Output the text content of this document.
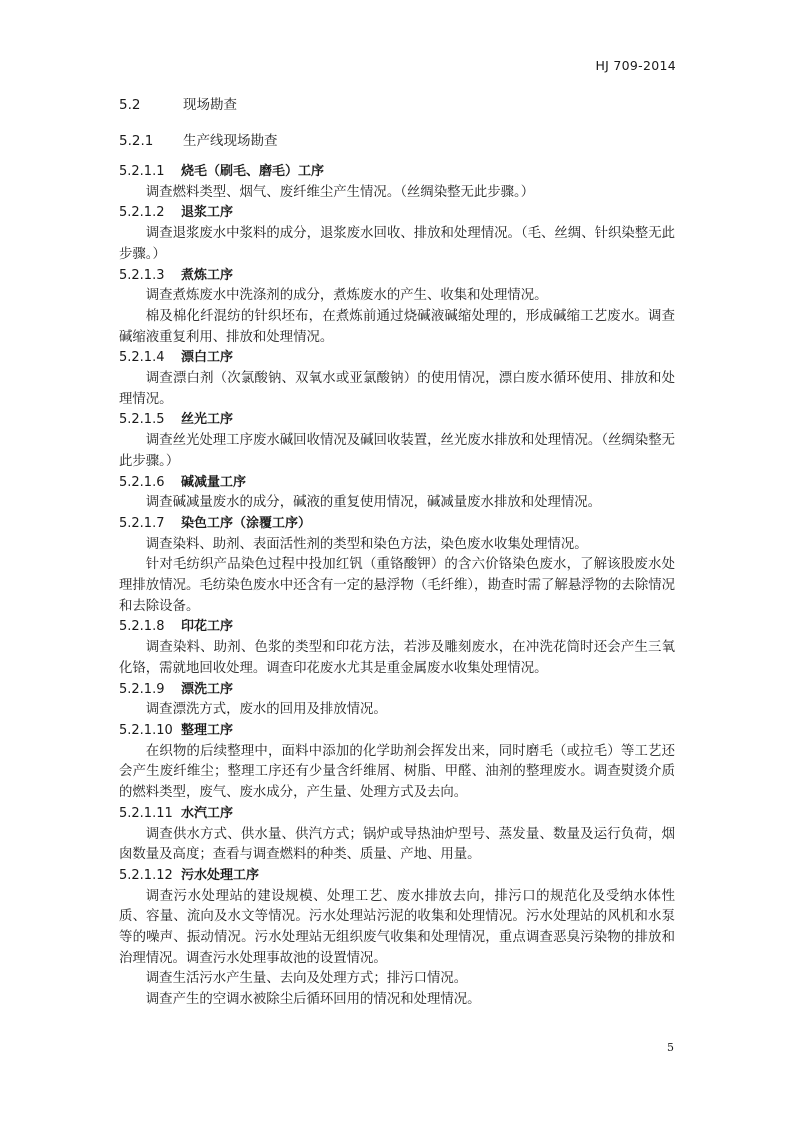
HJ 709-2014
5.2	现场勘查
5.2.1 生产线现场勘查
5.2.1.1 烧毛（刷毛、磨毛）工序

调查燃料类型、烟气、废纤维尘产生情况。（丝绸染整无此步骤。）

5.2.1.2 退浆工序

调查退浆废水中浆料的成分，退浆废水回收、排放和处理情况。（毛、丝绸、针织染整无此步骤。）

5.2.1.3 煮炼工序

调查煮炼废水中洗涤剂的成分，煮炼废水的产生、收集和处理情况。

棉及棉化纤混纺的针织坯布，在煮炼前通过烧碱液碱缩处理的，形成碱缩工艺废水。调查碱缩液重复利用、排放和处理情况。

5.2.1.4 漂白工序

调查漂白剂（次氯酸钠、双氧水或亚氯酸钠）的使用情况，漂白废水循环使用、排放和处理情况。

5.2.1.5 丝光工序

调查丝光处理工序废水碱回收情况及碱回收装置，丝光废水排放和处理情况。（丝绸染整无此步骤。）

5.2.1.6 碱减量工序

调查碱减量废水的成分，碱液的重复使用情况，碱减量废水排放和处理情况。

5.2.1.7 染色工序（涂覆工序）

调查染料、助剂、表面活性剂的类型和染色方法，染色废水收集处理情况。

针对毛纺织产品染色过程中投加红钒（重铬酸钾）的含六价铬染色废水，了解该股废水处理排放情况。毛纺染色废水中还含有一定的悬浮物（毛纤维），勘查时需了解悬浮物的去除情况和去除设备。

5.2.1.8 印花工序

调查染料、助剂、色浆的类型和印花方法，若涉及雕刻废水，在冲洗花筒时还会产生三氧化铬，需就地回收处理。调查印花废水尤其是重金属废水收集处理情况。

5.2.1.9 漂洗工序

调查漂洗方式，废水的回用及排放情况。

5.2.1.10 整理工序

在织物的后续整理中，面料中添加的化学助剂会挥发出来，同时磨毛（或拉毛）等工艺还会产生废纤维尘；整理工序还有少量含纤维屑、树脂、甲醛、油剂的整理废水。调查熨烫介质的燃料类型，废气、废水成分，产生量、处理方式及去向。

5.2.1.11 水汽工序

调查供水方式、供水量、供汽方式；锅炉或导热油炉型号、蒸发量、数量及运行负荷，烟囱数量及高度；查看与调查燃料的种类、质量、产地、用量。

5.2.1.12 污水处理工序

调查污水处理站的建设规模、处理工艺、废水排放去向，排污口的规范化及受纳水体性质、容量、流向及水文等情况。污水处理站污泥的收集和处理情况。污水处理站的风机和水泵等的噪声、振动情况。污水处理站无组织废气收集和处理情况，重点调查恶臭污染物的排放和治理情况。调查污水处理事故池的设置情况。

调查生活污水产生量、去向及处理方式；排污口情况。

调查产生的空调水被除尘后循环回用的情况和处理情况。

5
